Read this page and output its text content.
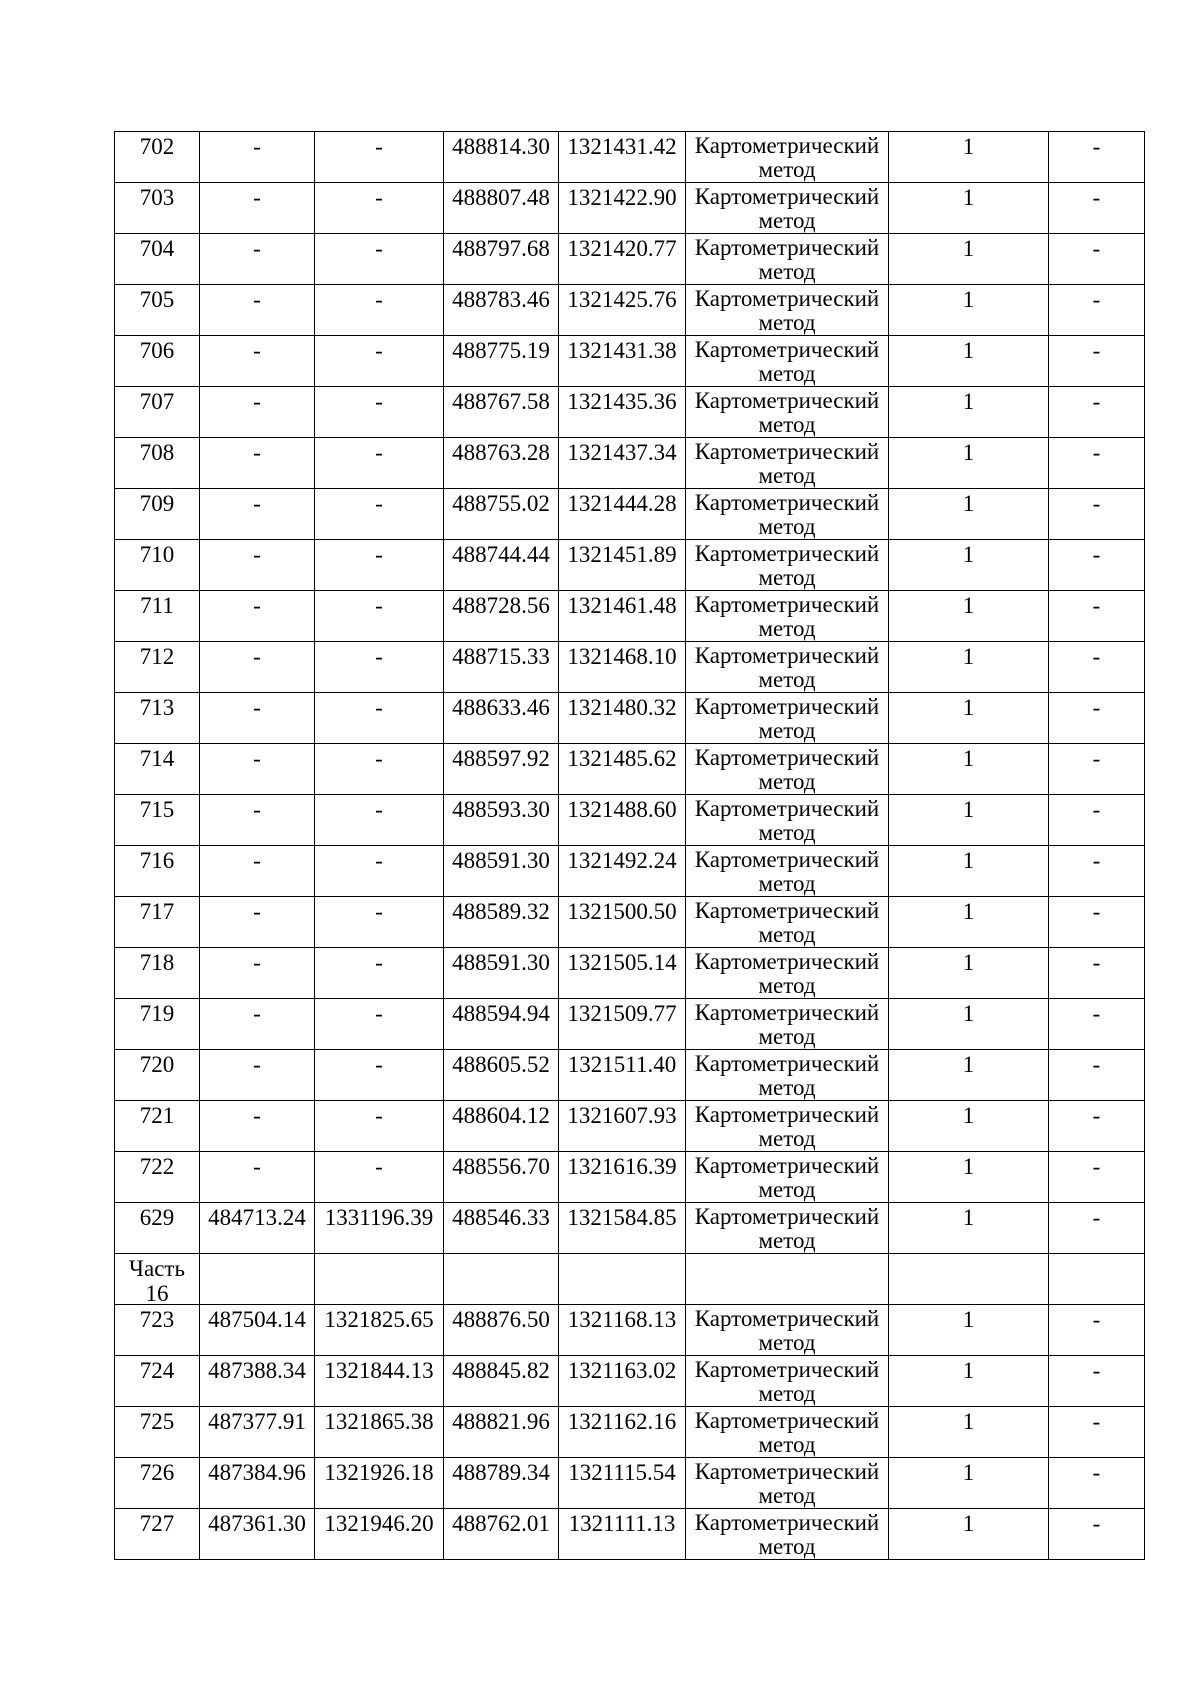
702	-	-	488814.30	1321431.42	Картометрический метод	1	-

703	-	-	488807.48	1321422.90	Картометрический метод	1	-

704	-	-	488797.68	1321420.77	Картометрический метод	1	-

705	-	-	488783.46	1321425.76	Картометрический метод	1	-

706	-	-	488775.19	1321431.38	Картометрический метод	1	-

707	-	-	488767.58	1321435.36	Картометрический метод	1	-

708	-	-	488763.28	1321437.34	Картометрический метод	1	-

709	-	-	488755.02	1321444.28	Картометрический метод	1	-

710	-	-	488744.44	1321451.89	Картометрический метод	1	-

711	-	-	488728.56	1321461.48	Картометрический метод	1	-

712	-	-	488715.33	1321468.10	Картометрический метод	1	-

713	-	-	488633.46	1321480.32	Картометрический метод	1	-

714	-	-	488597.92	1321485.62	Картометрический метод	1	-

715	-	-	488593.30	1321488.60	Картометрический метод	1	-

716	-	-	488591.30	1321492.24	Картометрический метод	1	-

717	-	-	488589.32	1321500.50	Картометрический метод	1	-

718	-	-	488591.30	1321505.14	Картометрический метод	1	-

719	-	-	488594.94	1321509.77	Картометрический метод	1	-

720	-	-	488605.52	1321511.40	Картометрический метод	1	-

721	-	-	488604.12	1321607.93	Картометрический метод	1	-

722	-	-	488556.70	1321616.39	Картометрический метод	1	-

629	484713.24	1331196.39	488546.33	1321584.85	Картометрический метод	1	-

Часть 16							

723	487504.14	1321825.65	488876.50	1321168.13	Картометрический метод	1	-

724	487388.34	1321844.13	488845.82	1321163.02	Картометрический метод	1	-

725	487377.91	1321865.38	488821.96	1321162.16	Картометрический метод	1	-

726	487384.96	1321926.18	488789.34	1321115.54	Картометрический метод	1	-

727	487361.30	1321946.20	488762.01	1321111.13	Картометрический метод	1	-
